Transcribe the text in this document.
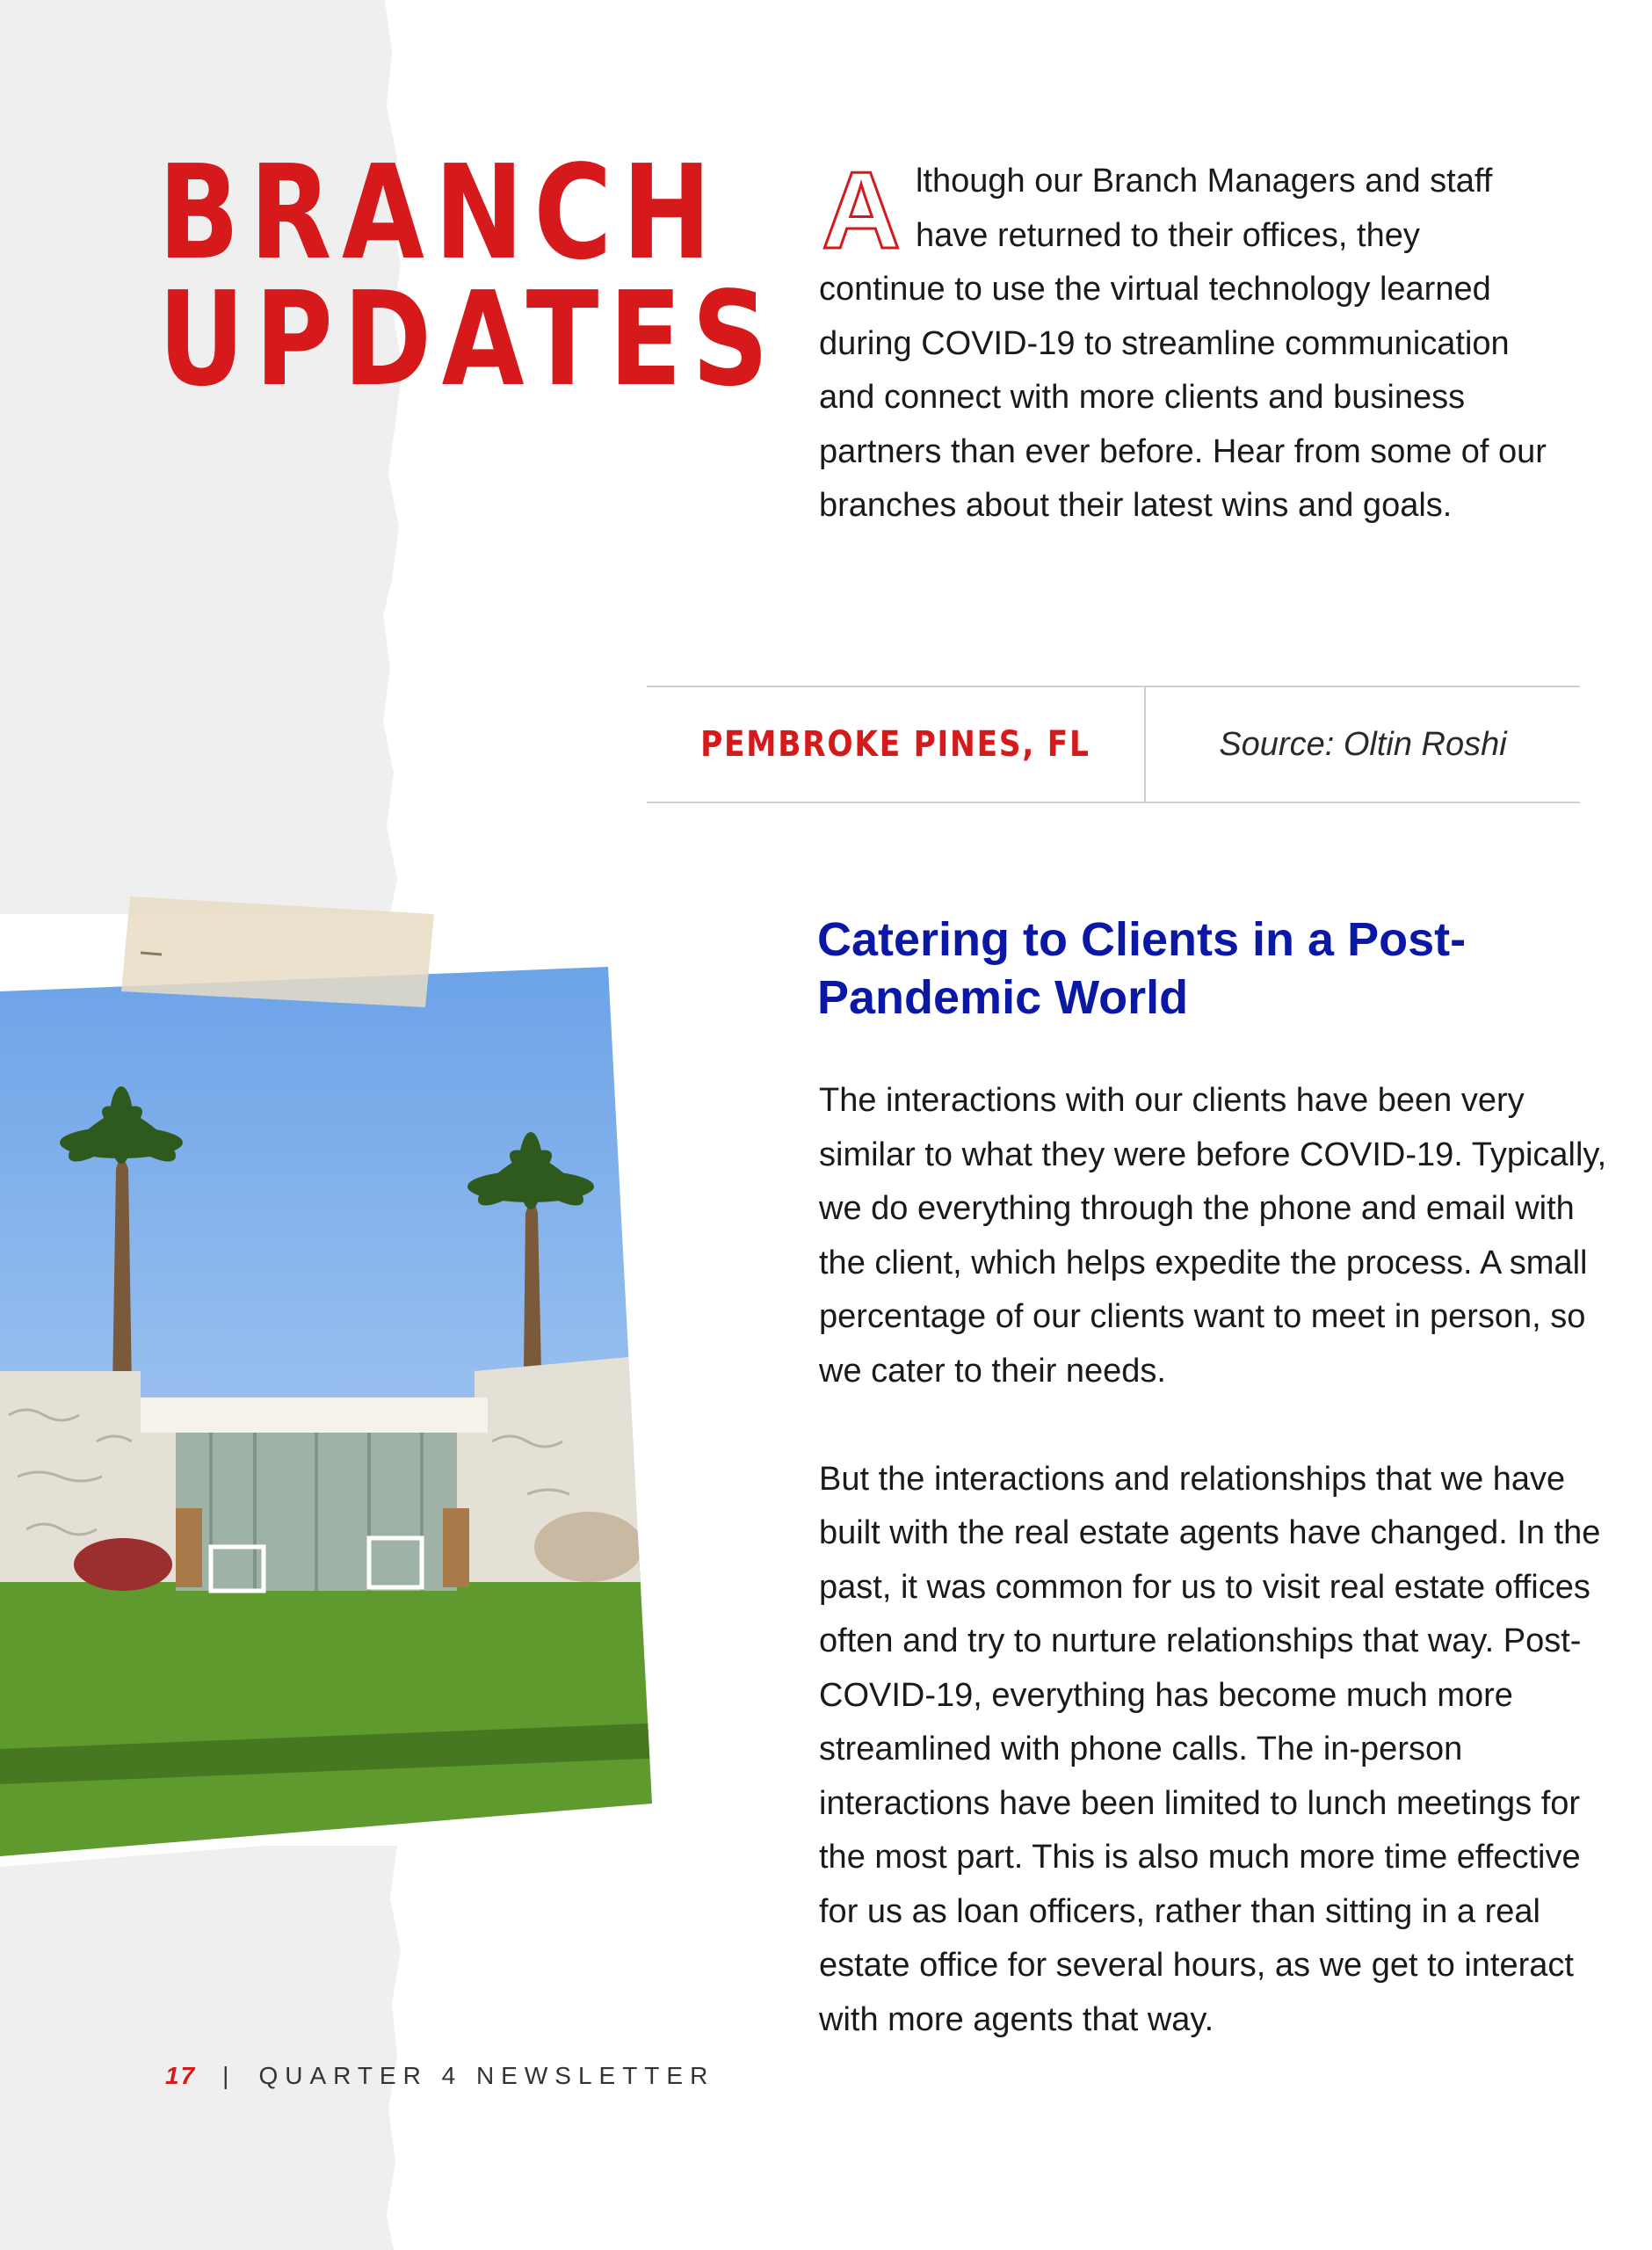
BRANCH
UPDATES

A lthough our Branch Managers and staff have returned to their offices, they continue to use the virtual technology learned during COVID-19 to streamline communication and connect with more clients and business partners than ever before. Hear from some of our branches about their latest wins and goals.

PEMBROKE PINES, FL	Source: Oltin Roshi
Catering to Clients in a Post-Pandemic World

The interactions with our clients have been very similar to what they were before COVID-19. Typically, we do everything through the phone and email with the client, which helps expedite the process. A small percentage of our clients want to meet in person, so we cater to their needs.

But the interactions and relationships that we have built with the real estate agents have changed. In the past, it was common for us to visit real estate offices often and try to nurture relationships that way. Post-COVID-19, everything has become much more streamlined with phone calls. The in-person interactions have been limited to lunch meetings for the most part. This is also much more time effective for us as loan officers, rather than sitting in a real estate office for several hours, as we get to interact with more agents that way.

17 | QUARTER 4 NEWSLETTER
